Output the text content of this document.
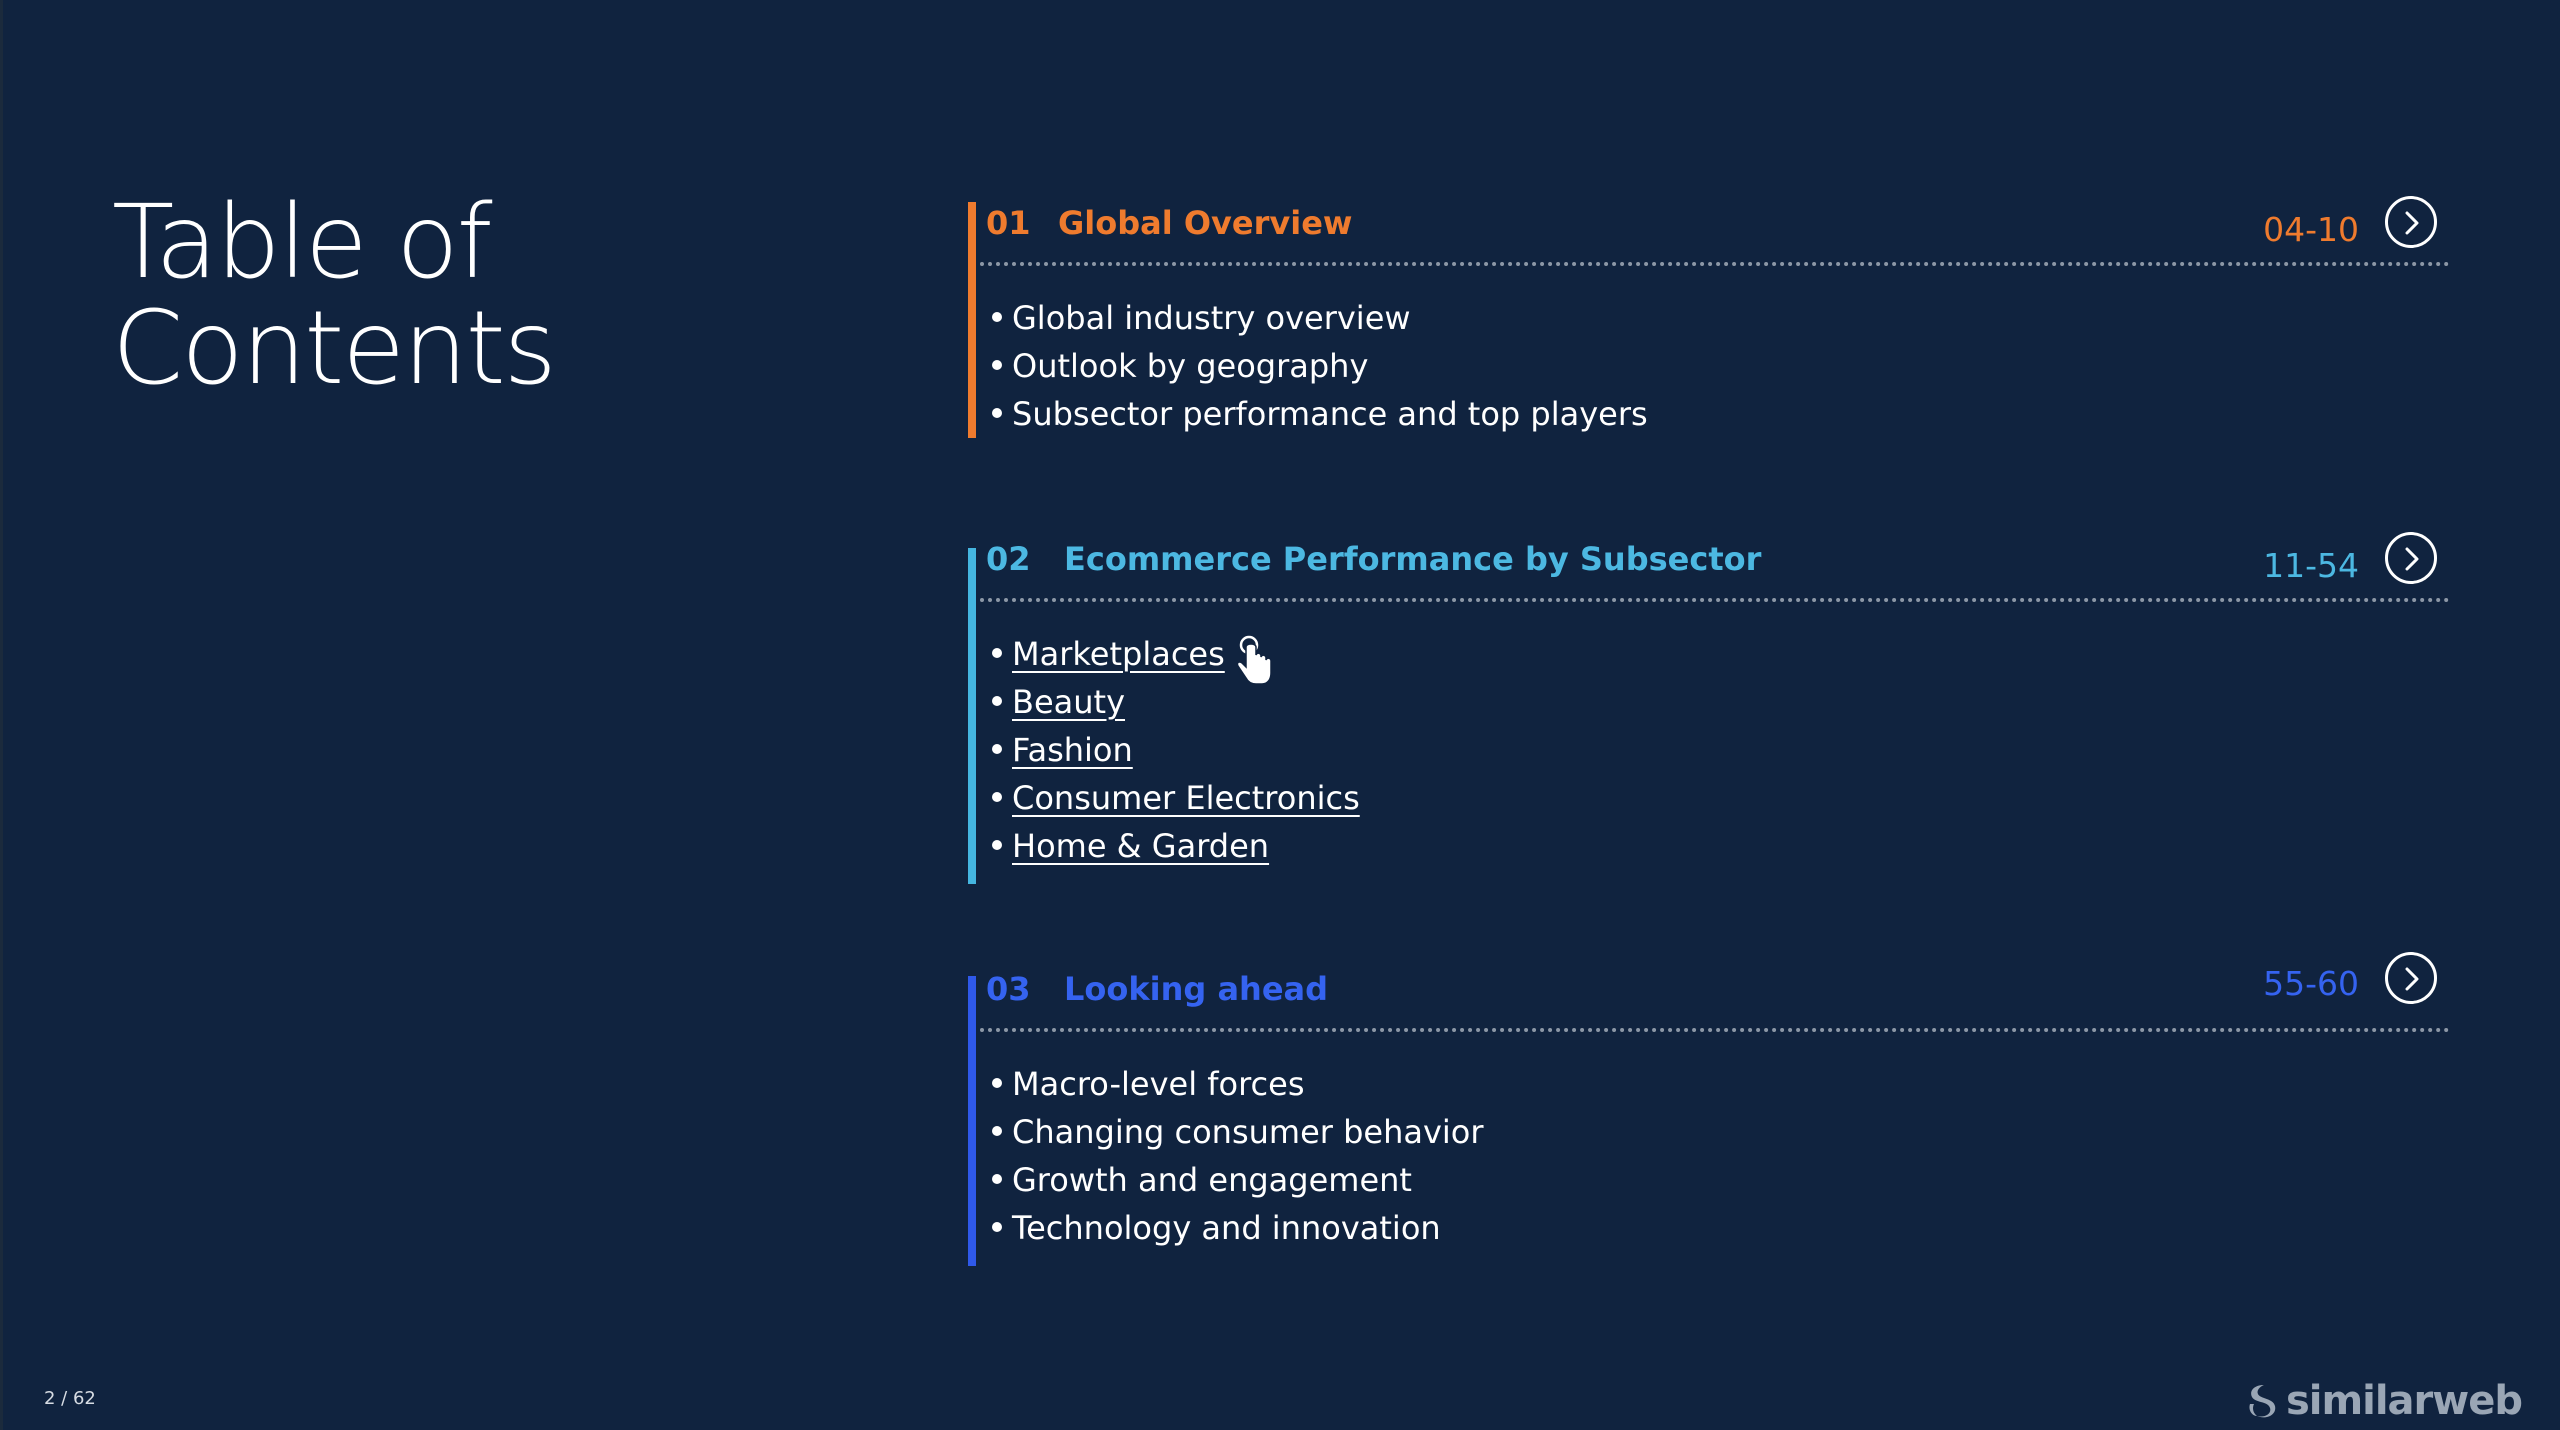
Table of
Contents
01 Global Overview	04-10
Global industry overview
Outlook by geography
Subsector performance and top players
02 Ecommerce Performance by Subsector	11-54
Marketplaces
Beauty
Fashion
Consumer Electronics
Home & Garden
03 Looking ahead	55-60
Macro-level forces
Changing consumer behavior
Growth and engagement
Technology and innovation
2 / 62	similarweb
